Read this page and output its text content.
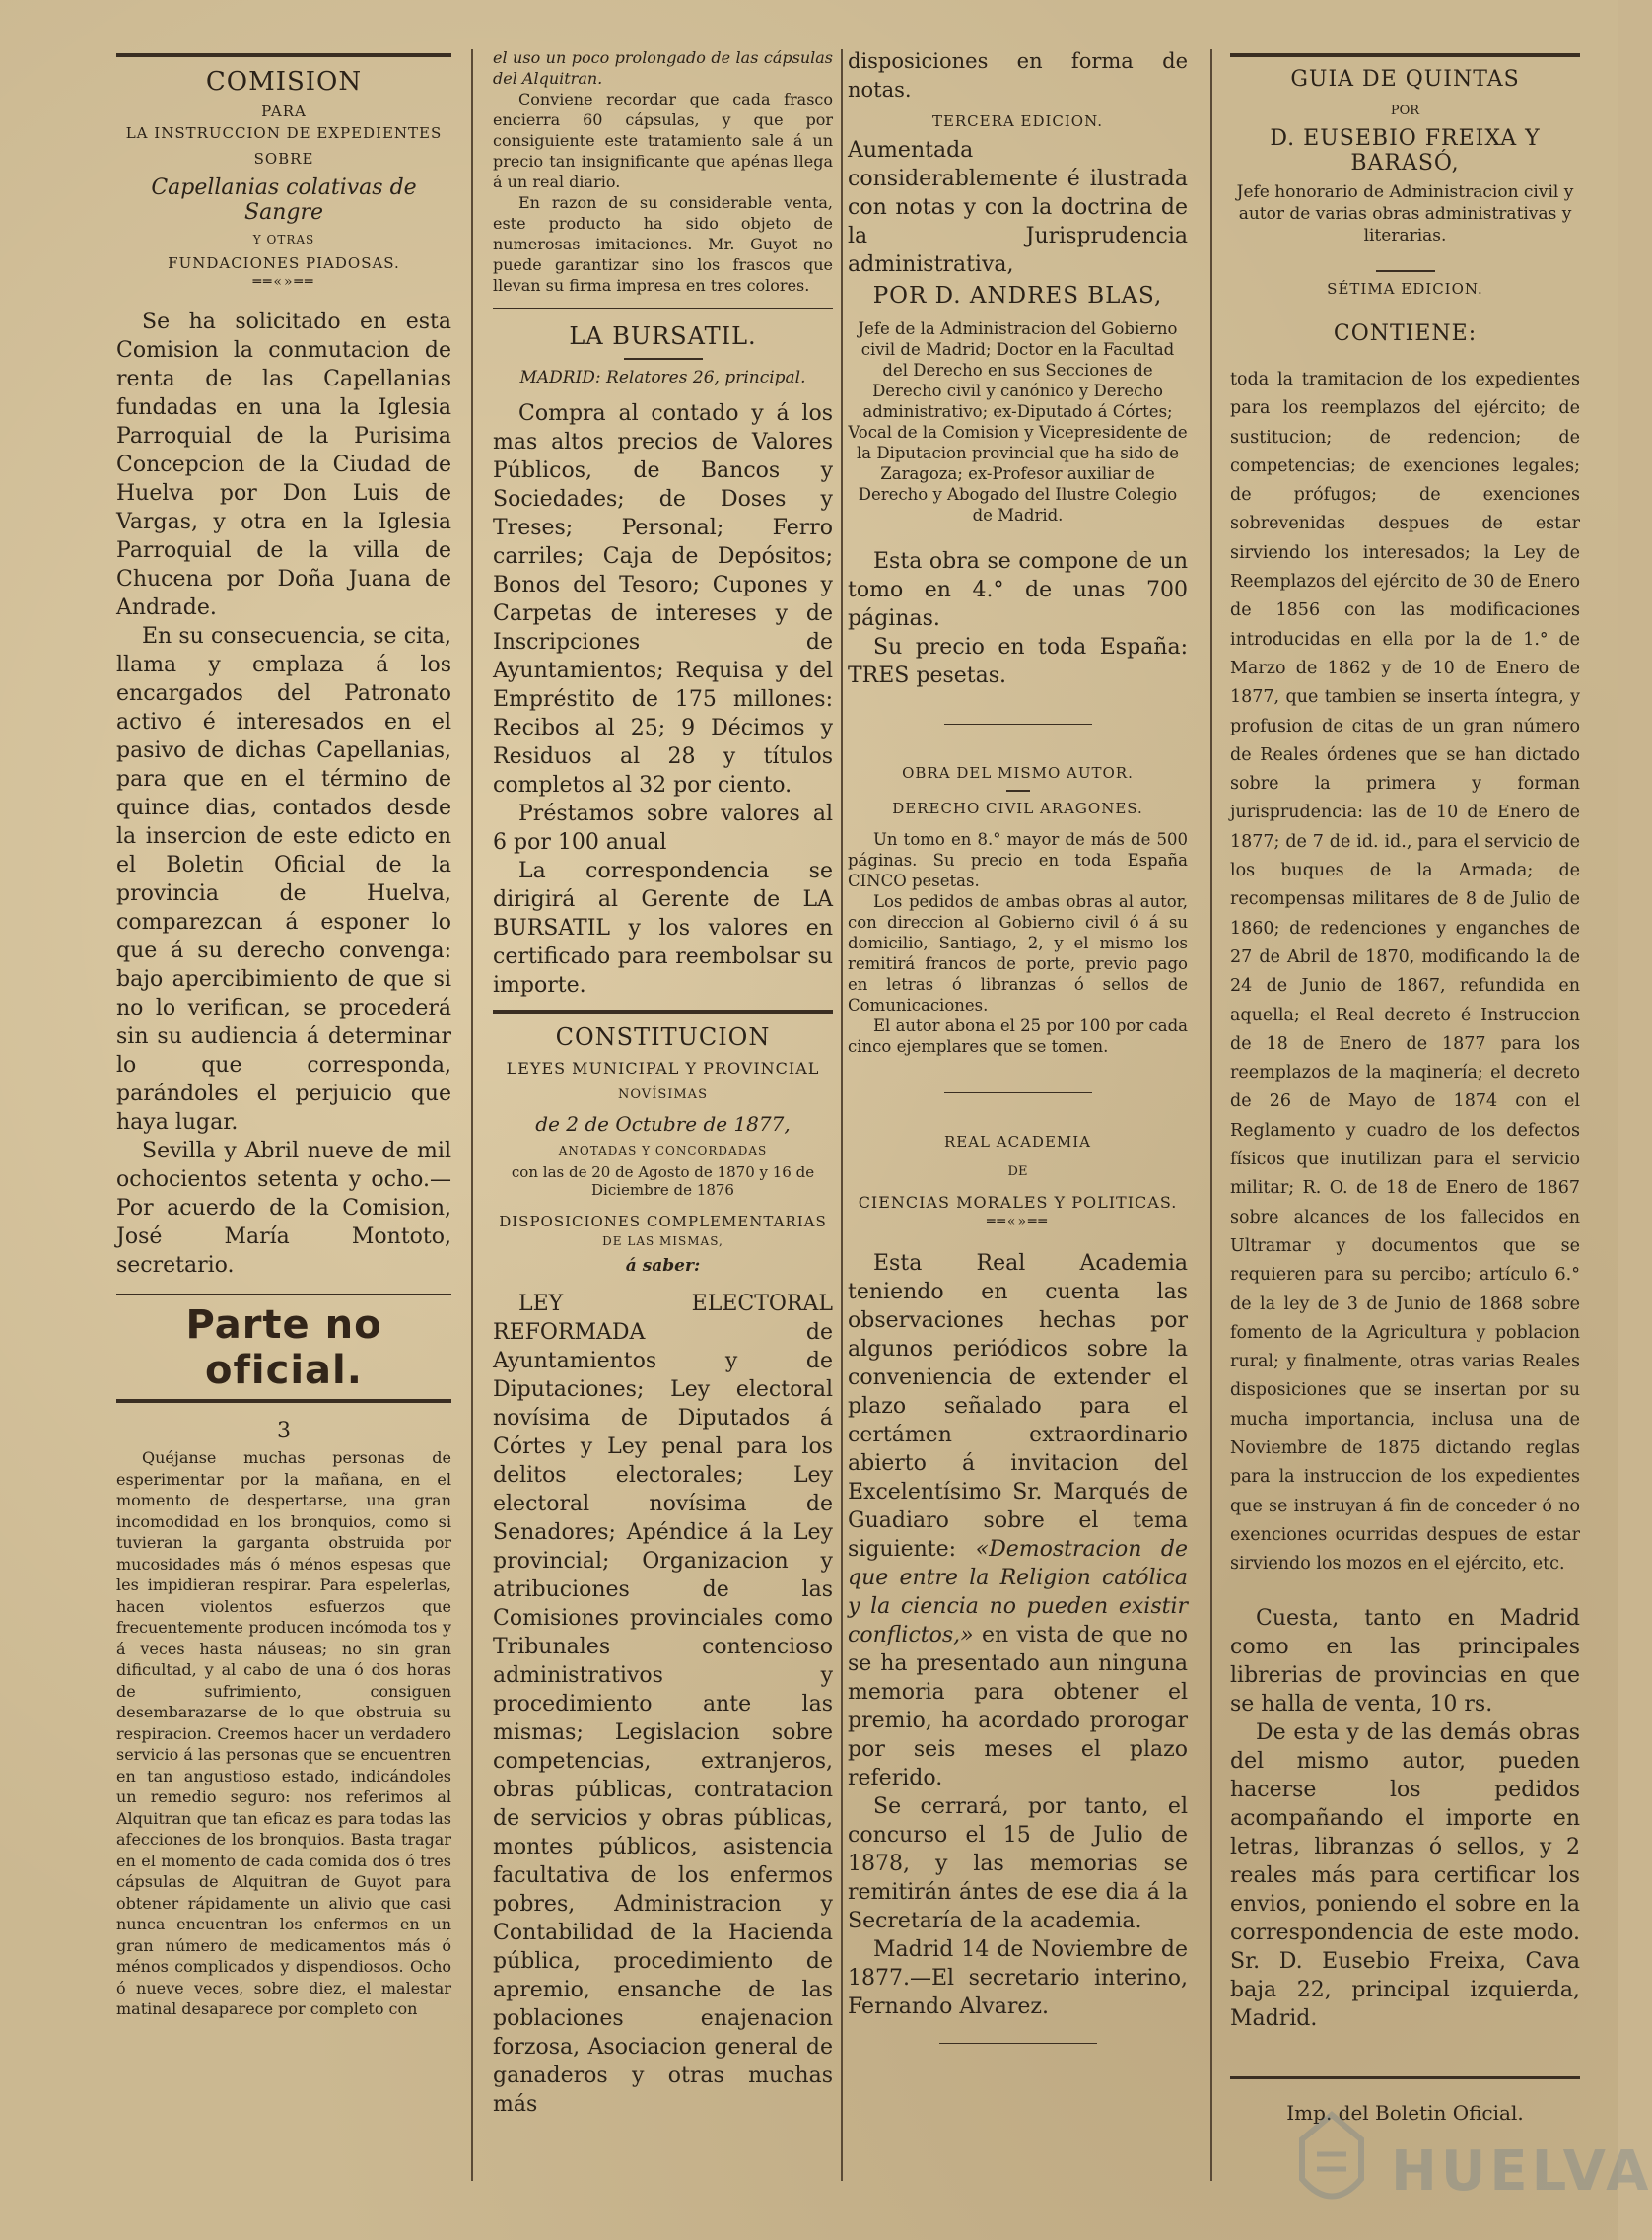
COMISION
PARA
LA INSTRUCCION DE EXPEDIENTES
SOBRE
Capellanias colativas de Sangre
Y OTRAS
FUNDACIONES PIADOSAS.
══«»══

Se ha solicitado en esta Comision la conmutacion de renta de las Capellanias fundadas en una la Iglesia Parroquial de la Purisima Concepcion de la Ciudad de Huelva por Don Luis de Vargas, y otra en la Iglesia Parroquial de la villa de Chucena por Doña Juana de Andrade.

En su consecuencia, se cita, llama y emplaza á los encargados del Patronato activo é interesados en el pasivo de dichas Capellanias, para que en el término de quince dias, contados desde la insercion de este edicto en el Boletin Oficial de la provincia de Huelva, comparezcan á esponer lo que á su derecho convenga: bajo apercibimiento de que si no lo verifican, se procederá sin su audiencia á determinar lo que corresponda, parándoles el perjuicio que haya lugar.

Sevilla y Abril nueve de mil ochocientos setenta y ocho.—Por acuerdo de la Comision, José María Montoto, secretario.

Parte no oficial.
3

Quéjanse muchas personas de esperimentar por la mañana, en el momento de despertarse, una gran incomodidad en los bronquios, como si tuvieran la garganta obstruida por mucosidades más ó ménos espesas que les impidieran respirar. Para espelerlas, hacen violentos esfuerzos que frecuentemente producen incómoda tos y á veces hasta náuseas; no sin gran dificultad, y al cabo de una ó dos horas de sufrimiento, consiguen desembarazarse de lo que obstruia su respiracion. Creemos hacer un verdadero servicio á las personas que se encuentren en tan angustioso estado, indicándoles un remedio seguro: nos referimos al Alquitran que tan eficaz es para todas las afecciones de los bronquios. Basta tragar en el momento de cada comida dos ó tres cápsulas de Alquitran de Guyot para obtener rápidamente un alivio que casi nunca encuentran los enfermos en un gran número de medicamentos más ó ménos complicados y dispendiosos. Ocho ó nueve veces, sobre diez, el malestar matinal desaparece por completo con

el uso un poco prolongado de las cápsulas del Alquitran.

Conviene recordar que cada frasco encierra 60 cápsulas, y que por consiguiente este tratamiento sale á un precio tan insignificante que apénas llega á un real diario.

En razon de su considerable venta, este producto ha sido objeto de numerosas imitaciones. Mr. Guyot no puede garantizar sino los frascos que llevan su firma impresa en tres colores.

LA BURSATIL.
MADRID: Relatores 26, principal.

Compra al contado y á los mas altos precios de Valores Públicos, de Bancos y Sociedades; de Doses y Treses; Personal; Ferro carriles; Caja de Depósitos; Bonos del Tesoro; Cupones y Carpetas de intereses y de Inscripciones de Ayuntamientos; Requisa y del Empréstito de 175 millones: Recibos al 25; 9 Décimos y Residuos al 28 y títulos completos al 32 por ciento.

Préstamos sobre valores al 6 por 100 anual

La correspondencia se dirigirá al Gerente de LA BURSATIL y los valores en certificado para reembolsar su importe.

CONSTITUCION
LEYES MUNICIPAL Y PROVINCIAL
NOVÍSIMAS
de 2 de Octubre de 1877,
ANOTADAS Y CONCORDADAS
con las de 20 de Agosto de 1870 y 16 de Diciembre de 1876
DISPOSICIONES COMPLEMENTARIAS
DE LAS MISMAS,
á saber:

LEY ELECTORAL REFORMADA de Ayuntamientos y de Diputaciones; Ley electoral novísima de Diputados á Córtes y Ley penal para los delitos electorales; Ley electoral novísima de Senadores; Apéndice á la Ley provincial; Organizacion y atribuciones de las Comisiones provinciales como Tribunales contencioso administrativos y procedimiento ante las mismas; Legislacion sobre competencias, extranjeros, obras públicas, contratacion de servicios y obras públicas, montes públicos, asistencia facultativa de los enfermos pobres, Administracion y Contabilidad de la Hacienda pública, procedimiento de apremio, ensanche de las poblaciones enajenacion forzosa, Asociacion general de ganaderos y otras muchas más

disposiciones en forma de notas.

TERCERA EDICION.

Aumentada considerablemente é ilustrada con notas y con la doctrina de la Jurisprudencia administrativa,

POR D. ANDRES BLAS,

Jefe de la Administracion del Gobierno civil de Madrid; Doctor en la Facultad del Derecho en sus Secciones de Derecho civil y canónico y Derecho administrativo; ex-Diputado á Córtes; Vocal de la Comision y Vicepresidente de la Diputacion provincial que ha sido de Zaragoza; ex-Profesor auxiliar de Derecho y Abogado del Ilustre Colegio de Madrid.

Esta obra se compone de un tomo en 4.° de unas 700 páginas.

Su precio en toda España: TRES pesetas.

OBRA DEL MISMO AUTOR.
DERECHO CIVIL ARAGONES.

Un tomo en 8.° mayor de más de 500 páginas. Su precio en toda España CINCO pesetas.

Los pedidos de ambas obras al autor, con direccion al Gobierno civil ó á su domicilio, Santiago, 2, y el mismo los remitirá francos de porte, previo pago en letras ó libranzas ó sellos de Comunicaciones.

El autor abona el 25 por 100 por cada cinco ejemplares que se tomen.

REAL ACADEMIA
DE
CIENCIAS MORALES Y POLITICAS.
══«»══

Esta Real Academia teniendo en cuenta las observaciones hechas por algunos periódicos sobre la conveniencia de extender el plazo señalado para el certámen extraordinario abierto á invitacion del Excelentísimo Sr. Marqués de Guadiaro sobre el tema siguiente: «Demostracion de que entre la Religion católica y la ciencia no pueden existir conflictos,» en vista de que no se ha presentado aun ninguna memoria para obtener el premio, ha acordado prorogar por seis meses el plazo referido.

Se cerrará, por tanto, el concurso el 15 de Julio de 1878, y las memorias se remitirán ántes de ese dia á la Secretaría de la academia.

Madrid 14 de Noviembre de 1877.—El secretario interino, Fernando Alvarez.

GUIA DE QUINTAS
POR
D. EUSEBIO FREIXA Y BARASÓ,
Jefe honorario de Administracion civil y autor de varias obras administrativas y literarias.
SÉTIMA EDICION.
CONTIENE:

toda la tramitacion de los expedientes para los reemplazos del ejército; de sustitucion; de redencion; de competencias; de exenciones legales; de prófugos; de exenciones sobrevenidas despues de estar sirviendo los interesados; la Ley de Reemplazos del ejército de 30 de Enero de 1856 con las modificaciones introducidas en ella por la de 1.° de Marzo de 1862 y de 10 de Enero de 1877, que tambien se inserta íntegra, y profusion de citas de un gran número de Reales órdenes que se han dictado sobre la primera y forman jurisprudencia: las de 10 de Enero de 1877; de 7 de id. id., para el servicio de los buques de la Armada; de recompensas militares de 8 de Julio de 1860; de redenciones y enganches de 27 de Abril de 1870, modificando la de 24 de Junio de 1867, refundida en aquella; el Real decreto é Instruccion de 18 de Enero de 1877 para los reemplazos de la maqinería; el decreto de 26 de Mayo de 1874 con el Reglamento y cuadro de los defectos físicos que inutilizan para el servicio militar; R. O. de 18 de Enero de 1867 sobre alcances de los fallecidos en Ultramar y documentos que se requieren para su percibo; artículo 6.° de la ley de 3 de Junio de 1868 sobre fomento de la Agricultura y poblacion rural; y finalmente, otras varias Reales disposiciones que se insertan por su mucha importancia, inclusa una de Noviembre de 1875 dictando reglas para la instruccion de los expedientes que se instruyan á fin de conceder ó no exenciones ocurridas despues de estar sirviendo los mozos en el ejército, etc.

Cuesta, tanto en Madrid como en las principales librerias de provincias en que se halla de venta, 10 rs.

De esta y de las demás obras del mismo autor, pueden hacerse los pedidos acompañando el importe en letras, libranzas ó sellos, y 2 reales más para certificar los envios, poniendo el sobre en la correspondencia de este modo. Sr. D. Eusebio Freixa, Cava baja 22, principal izquierda, Madrid.

Imp. del Boletin Oficial.
HUELVA
